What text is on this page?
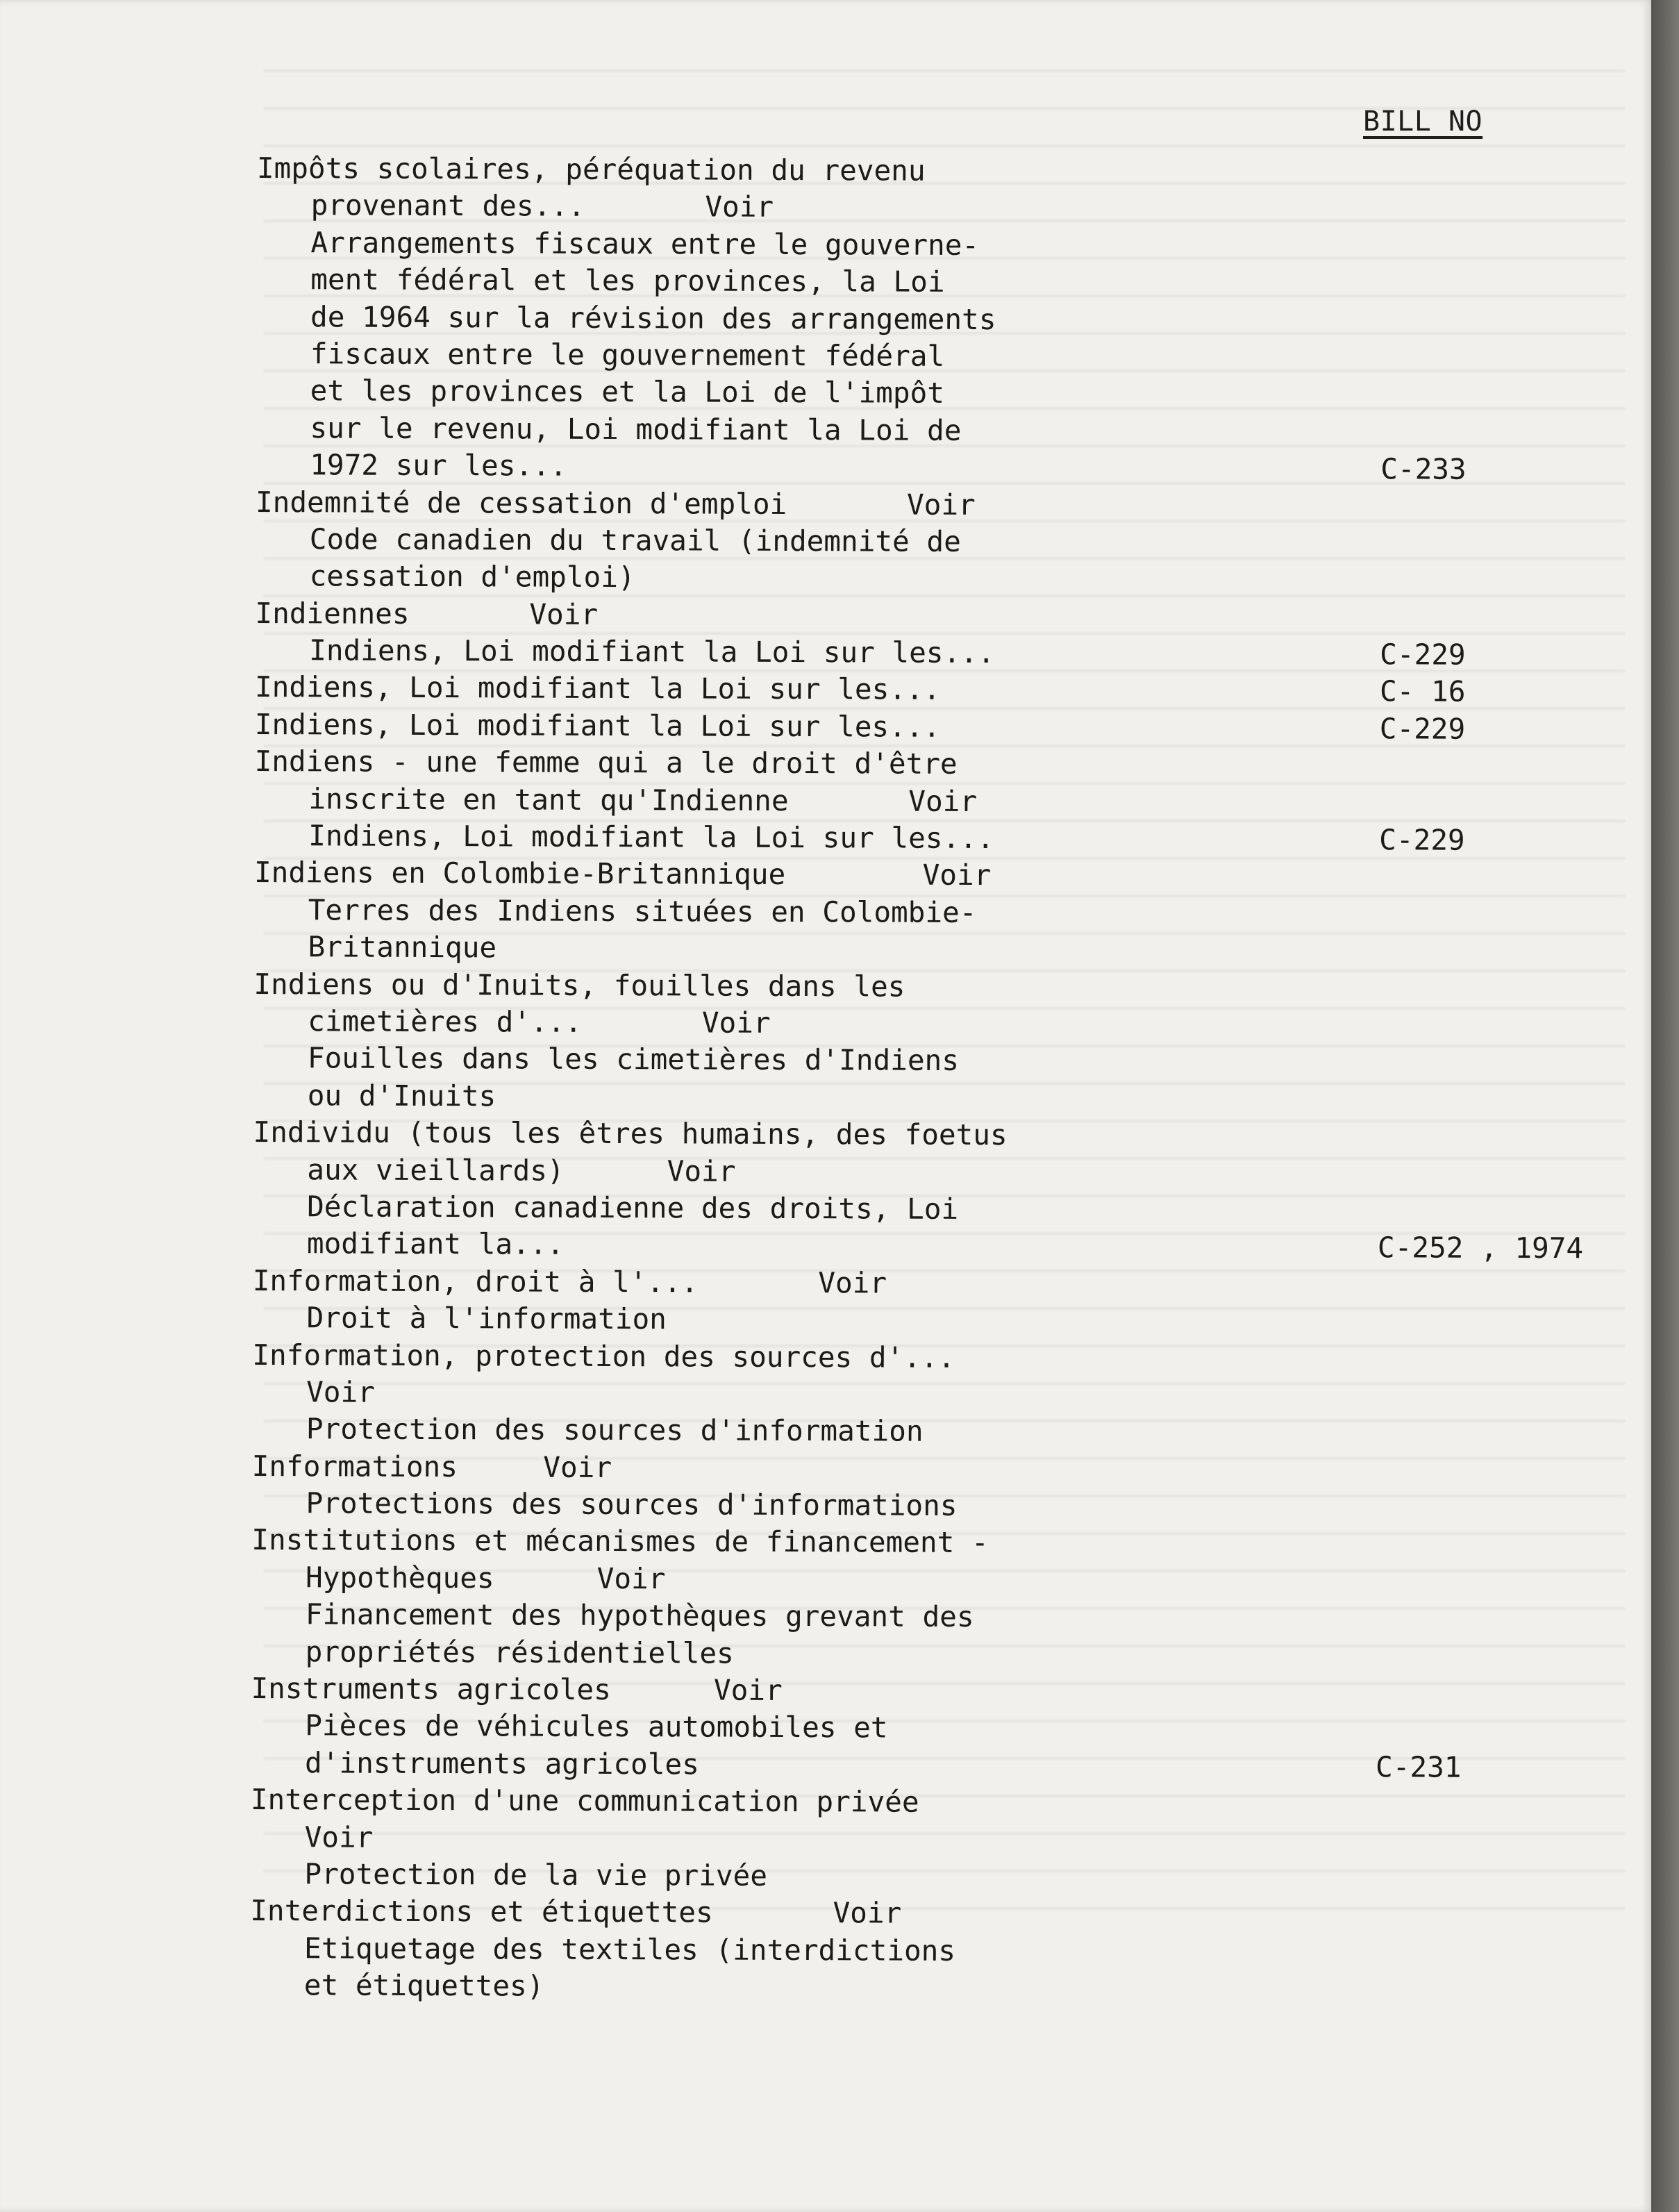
BILL NO
Impôts scolaires, péréquation du revenu
provenant des...       Voir
Arrangements fiscaux entre le gouverne-
ment fédéral et les provinces, la Loi
de 1964 sur la révision des arrangements
fiscaux entre le gouvernement fédéral
et les provinces et la Loi de l'impôt
sur le revenu, Loi modifiant la Loi de
1972 sur les...	C-233
Indemnité de cessation d'emploi       Voir
Code canadien du travail (indemnité de
cessation d'emploi)
Indiennes       Voir
Indiens, Loi modifiant la Loi sur les...	C-229
Indiens, Loi modifiant la Loi sur les...	C- 16
Indiens, Loi modifiant la Loi sur les...	C-229
Indiens - une femme qui a le droit d'être
inscrite en tant qu'Indienne       Voir
Indiens, Loi modifiant la Loi sur les...	C-229
Indiens en Colombie-Britannique        Voir
Terres des Indiens situées en Colombie-
Britannique
Indiens ou d'Inuits, fouilles dans les
cimetières d'...       Voir
Fouilles dans les cimetières d'Indiens
ou d'Inuits
Individu (tous les êtres humains, des foetus
aux vieillards)      Voir
Déclaration canadienne des droits, Loi
modifiant la...	C-252 , 1974
Information, droit à l'...       Voir
Droit à l'information
Information, protection des sources d'...
Voir
Protection des sources d'information
Informations     Voir
Protections des sources d'informations
Institutions et mécanismes de financement -
Hypothèques      Voir
Financement des hypothèques grevant des
propriétés résidentielles
Instruments agricoles      Voir
Pièces de véhicules automobiles et
d'instruments agricoles	C-231
Interception d'une communication privée
Voir
Protection de la vie privée
Interdictions et étiquettes       Voir
Etiquetage des textiles (interdictions
et étiquettes)
